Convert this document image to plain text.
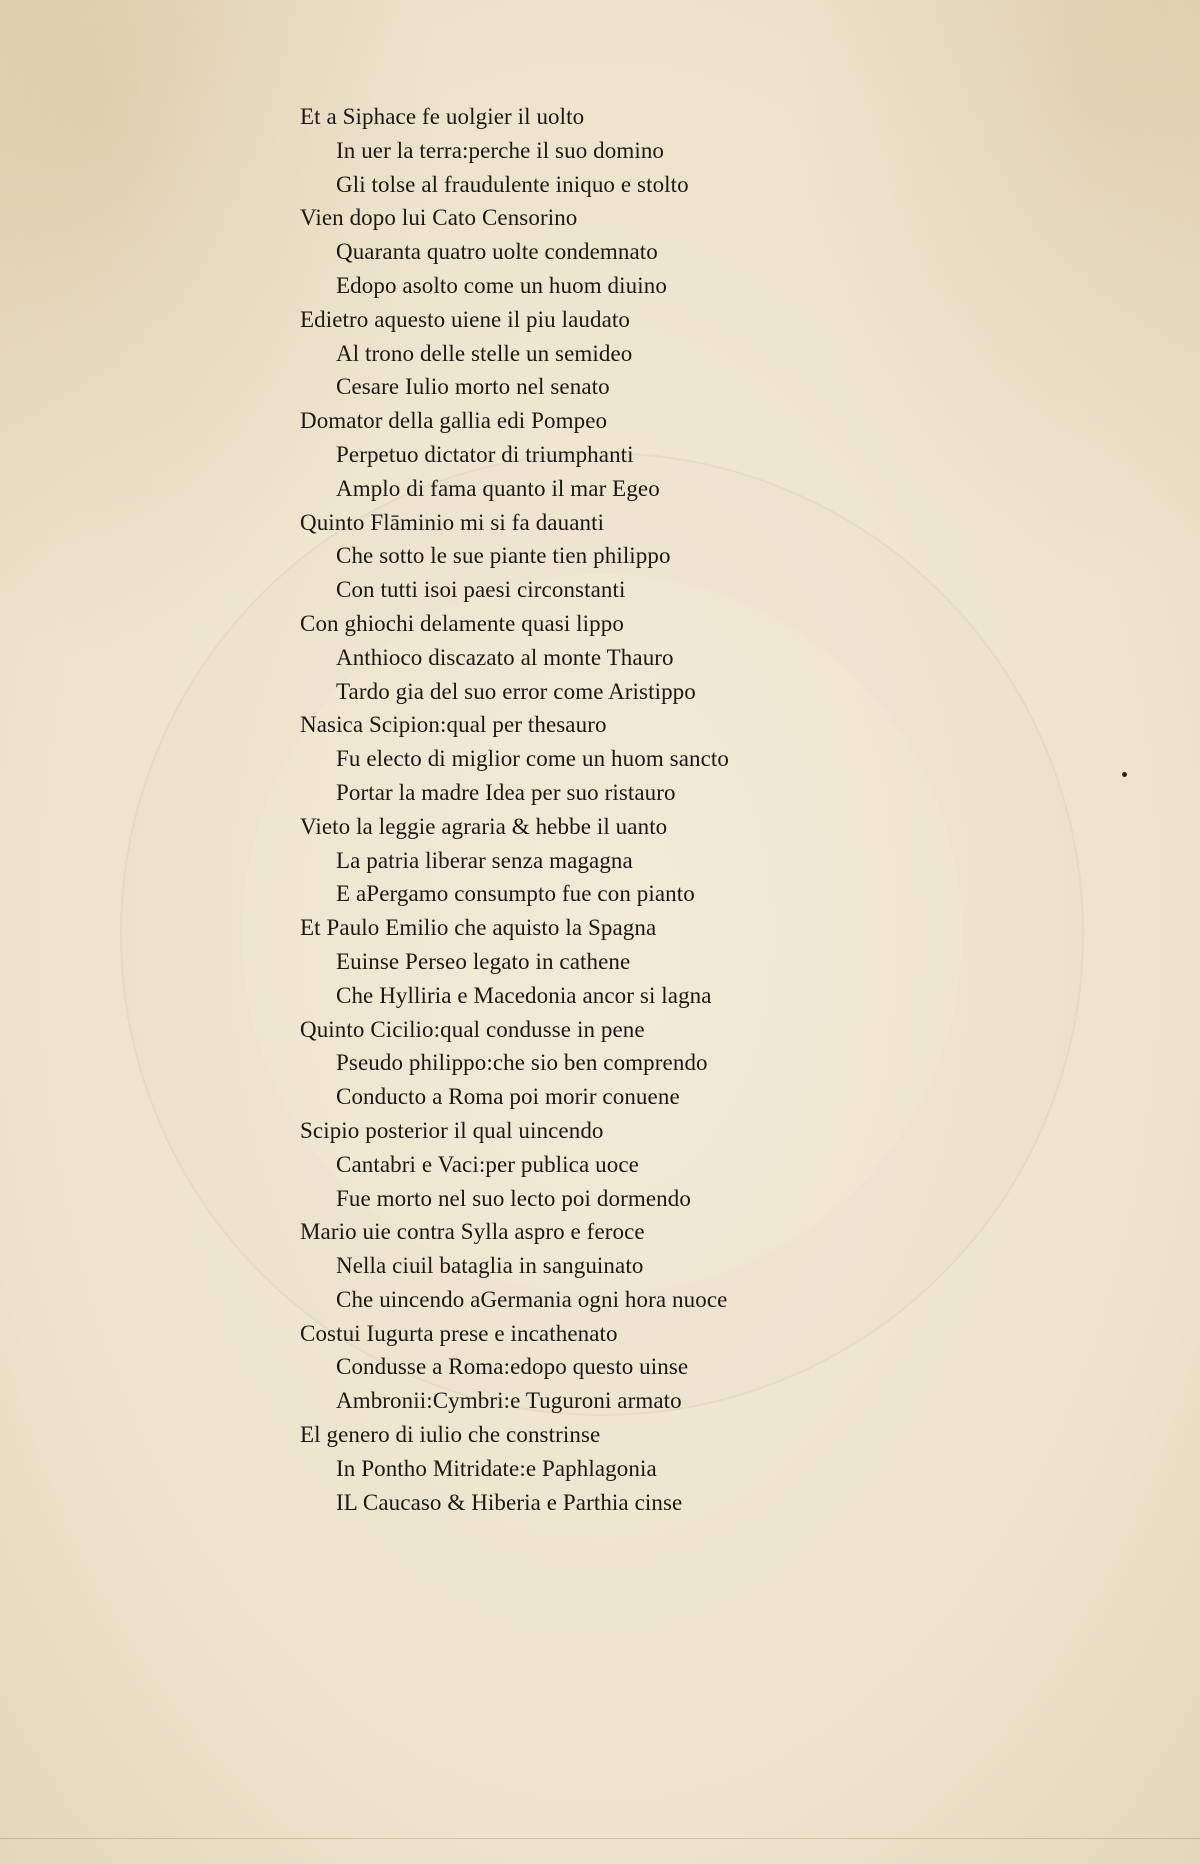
Et a Siphace fe uolgier il uolto
In uer la terra:perche il suo domino
Gli tolse al fraudulente iniquo e stolto
Vien dopo lui Cato Censorino
Quaranta quatro uolte condemnato
Edopo asolto come un huom diuino
Edietro aquesto uiene il piu laudato
Al trono delle stelle un semideo
Cesare Iulio morto nel senato
Domator della gallia edi Pompeo
Perpetuo dictator di triumphanti
Amplo di fama quanto il mar Egeo
Quinto Flāminio mi si fa dauanti
Che sotto le sue piante tien philippo
Con tutti isoi paesi circonstanti
Con ghiochi delamente quasi lippo
Anthioco discazato al monte Thauro
Tardo gia del suo error come Aristippo
Nasica Scipion:qual per thesauro
Fu electo di miglior come un huom sancto
Portar la madre Idea per suo ristauro
Vieto la leggie agraria & hebbe il uanto
La patria liberar senza magagna
E aPergamo consumpto fue con pianto
Et Paulo Emilio che aquisto la Spagna
Euinse Perseo legato in cathene
Che Hylliria e Macedonia ancor si lagna
Quinto Cicilio:qual condusse in pene
Pseudo philippo:che sio ben comprendo
Conducto a Roma poi morir conuene
Scipio posterior il qual uincendo
Cantabri e Vaci:per publica uoce
Fue morto nel suo lecto poi dormendo
Mario uie contra Sylla aspro e feroce
Nella ciuil bataglia in sanguinato
Che uincendo aGermania ogni hora nuoce
Costui Iugurta prese e incathenato
Condusse a Roma:edopo questo uinse
Ambronii:Cymbri:e Tuguroni armato
El genero di iulio che constrinse
In Pontho Mitridate:e Paphlagonia
IL Caucaso & Hiberia e Parthia cinse
